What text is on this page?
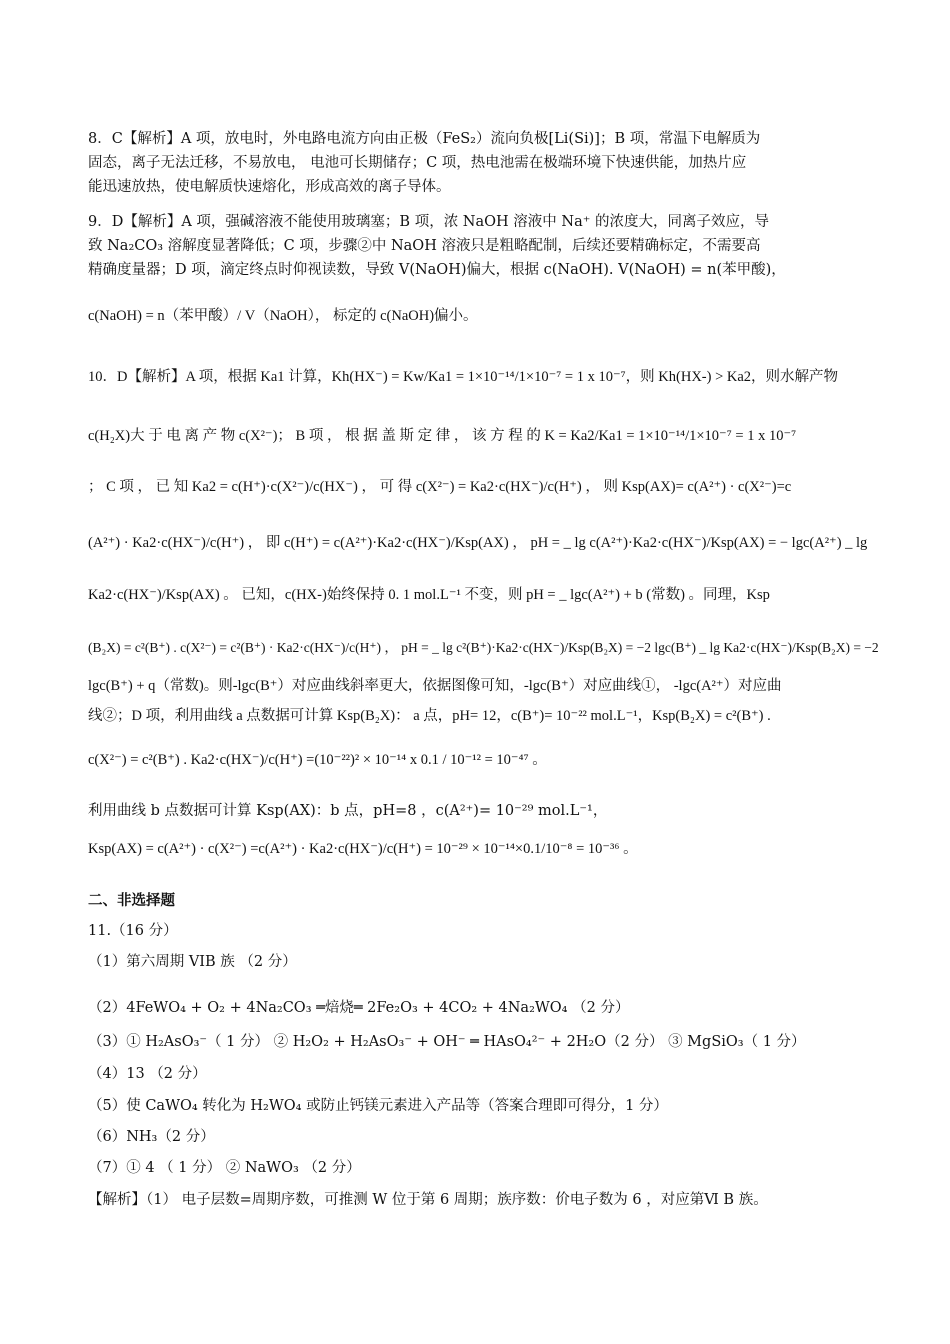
8．C【解析】A 项，放电时，外电路电流方向由正极（FeS₂）流向负极[Li(Si)]；B 项，常温下电解质为
固态，离子无法迁移，不易放电， 电池可长期储存；C 项，热电池需在极端环境下快速供能，加热片应
能迅速放热，使电解质快速熔化，形成高效的离子导体。
9．D【解析】A 项，强碱溶液不能使用玻璃塞；B 项，浓 NaOH 溶液中 Na⁺ 的浓度大，同离子效应，导
致 Na₂CO₃ 溶解度显著降低；C 项，步骤②中 NaOH 溶液只是粗略配制，后续还要精确标定，不需要高
精确度量器；D 项，滴定终点时仰视读数，导致 V(NaOH)偏大，根据 c(NaOH). V(NaOH) = n(苯甲酸)，
c(NaOH) = n（苯甲酸）/ V（NaOH）， 标定的 c(NaOH)偏小。
10．D【解析】A 项，根据 Ka1 计算，Kh(HX⁻) = Kw/Ka1 = 1×10⁻¹⁴/1×10⁻⁷ = 1 x 10⁻⁷，则 Kh(HX-) > Ka2，则水解产物
c(H₂X)大 于 电 离 产 物 c(X²⁻)； B 项 ， 根 据 盖 斯 定 律 ， 该 方 程 的 K = Ka2/Ka1 = 1×10⁻¹⁴/1×10⁻⁷ = 1 x 10⁻⁷
； C 项 ， 已 知 Ka2 = c(H⁺)·c(X²⁻)/c(HX⁻) ， 可 得 c(X²⁻) = Ka2·c(HX⁻)/c(H⁺) ， 则 Ksp(AX)= c(A²⁺) · c(X²⁻)=c
(A²⁺) · Ka2·c(HX⁻)/c(H⁺) ， 即 c(H⁺) = c(A²⁺)·Ka2·c(HX⁻)/Ksp(AX) ， pH = _ lg c(A²⁺)·Ka2·c(HX⁻)/Ksp(AX) = − lgc(A²⁺) _ lg
Ka2·c(HX⁻)/Ksp(AX) 。 已知，c(HX-)始终保持 0. 1 mol.L⁻¹ 不变，则 pH = _ lgc(A²⁺) + b (常数) 。同理，Ksp
(B₂X) = c²(B⁺) . c(X²⁻) = c²(B⁺) · Ka2·c(HX⁻)/c(H⁺) ， pH = _ lg c²(B⁺)·Ka2·c(HX⁻)/Ksp(B₂X) = −2 lgc(B⁺) _ lg Ka2·c(HX⁻)/Ksp(B₂X) = −2
lgc(B⁺) + q（常数)。则-lgc(B⁺）对应曲线斜率更大，依据图像可知，-lgc(B⁺）对应曲线①， -lgc(A²⁺）对应曲
线②；D 项，利用曲线 a 点数据可计算 Ksp(B₂X)： a 点，pH= 12，c(B⁺)= 10⁻²² mol.L⁻¹，Ksp(B₂X) = c²(B⁺) .
c(X²⁻) = c²(B⁺) . Ka2·c(HX⁻)/c(H⁺) =(10⁻²²)² × 10⁻¹⁴ x 0.1 / 10⁻¹² = 10⁻⁴⁷ 。
利用曲线 b 点数据可计算 Ksp(AX)：b 点，pH=8 ，c(A²⁺)= 10⁻²⁹ mol.L⁻¹，
Ksp(AX) = c(A²⁺) · c(X²⁻) =c(A²⁺) · Ka2·c(HX⁻)/c(H⁺) = 10⁻²⁹ × 10⁻¹⁴×0.1/10⁻⁸ = 10⁻³⁶ 。
二、非选择题
11.（16 分）
（1）第六周期 VIB 族 （2 分）
（2）4FeWO₄ + O₂ + 4Na₂CO₃ ═焙烧═ 2Fe₂O₃ + 4CO₂ + 4Na₂WO₄ （2 分）
（3）① H₂AsO₃⁻（ 1 分） ② H₂O₂ + H₂AsO₃⁻ + OH⁻ ═ HAsO₄²⁻ + 2H₂O（2 分） ③ MgSiO₃（ 1 分）
（4）13 （2 分）
（5）使 CaWO₄ 转化为 H₂WO₄ 或防止钙镁元素进入产品等（答案合理即可得分，1 分）
（6）NH₃（2 分）
（7）① 4 （ 1 分） ② NaWO₃ （2 分）
【解析】（1） 电子层数=周期序数，可推测 W 位于第 6 周期；族序数：价电子数为 6 ，对应第Ⅵ B 族。
